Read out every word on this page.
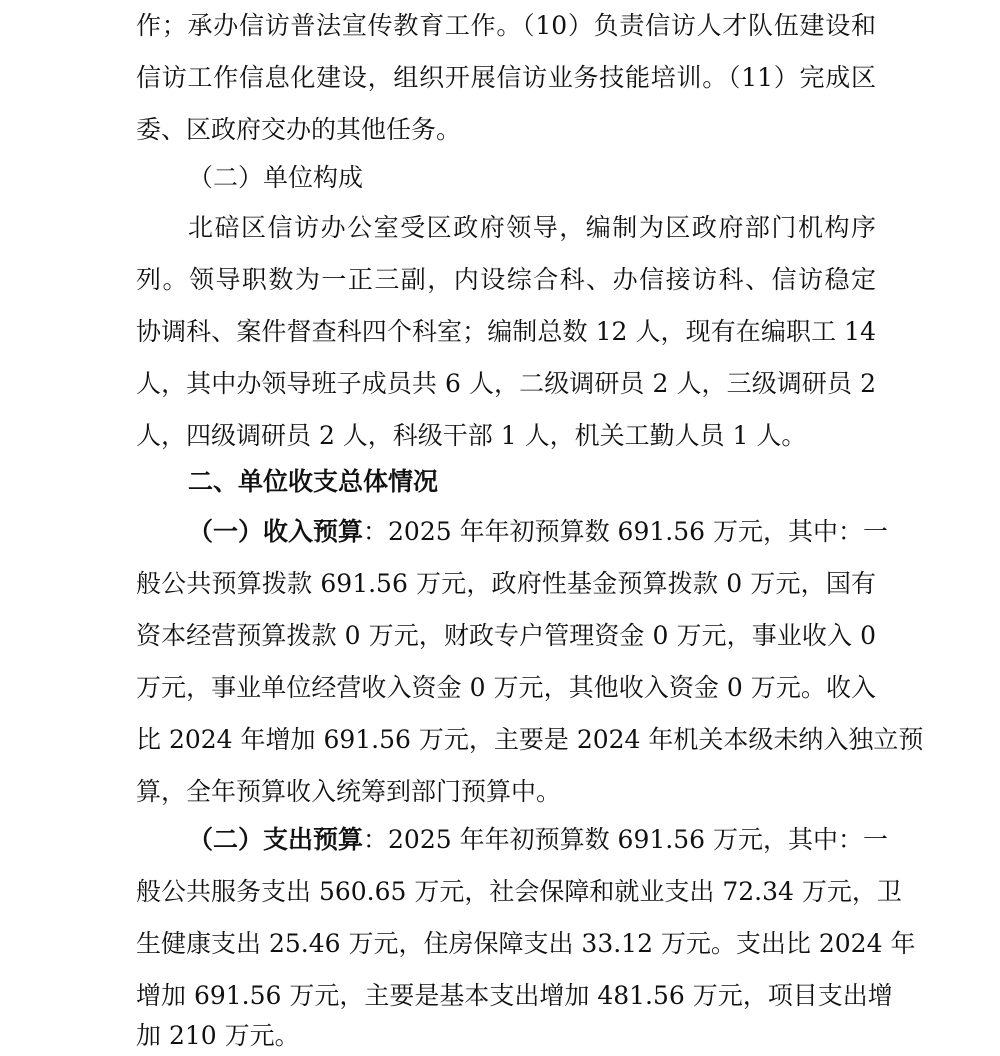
作；承办信访普法宣传教育工作。（10）负责信访人才队伍建设和
信访工作信息化建设，组织开展信访业务技能培训。（11）完成区
委、区政府交办的其他任务。
（二）单位构成
北碚区信访办公室受区政府领导，编制为区政府部门机构序
列。领导职数为一正三副，内设综合科、办信接访科、信访稳定
协调科、案件督查科四个科室；编制总数 12 人，现有在编职工 14
人，其中办领导班子成员共 6 人，二级调研员 2 人，三级调研员 2
人，四级调研员 2 人，科级干部 1 人，机关工勤人员 1 人。
二、单位收支总体情况
（一）收入预算：2025 年年初预算数 691.56 万元，其中：一
般公共预算拨款 691.56 万元，政府性基金预算拨款 0 万元，国有
资本经营预算拨款 0 万元，财政专户管理资金 0 万元，事业收入 0
万元，事业单位经营收入资金 0 万元，其他收入资金 0 万元。收入
比 2024 年增加 691.56 万元，主要是 2024 年机关本级未纳入独立预
算，全年预算收入统筹到部门预算中。
（二）支出预算：2025 年年初预算数 691.56 万元，其中：一
般公共服务支出 560.65 万元，社会保障和就业支出 72.34 万元，卫
生健康支出 25.46 万元，住房保障支出 33.12 万元。支出比 2024 年
增加 691.56 万元，主要是基本支出增加 481.56 万元，项目支出增
加 210 万元。
